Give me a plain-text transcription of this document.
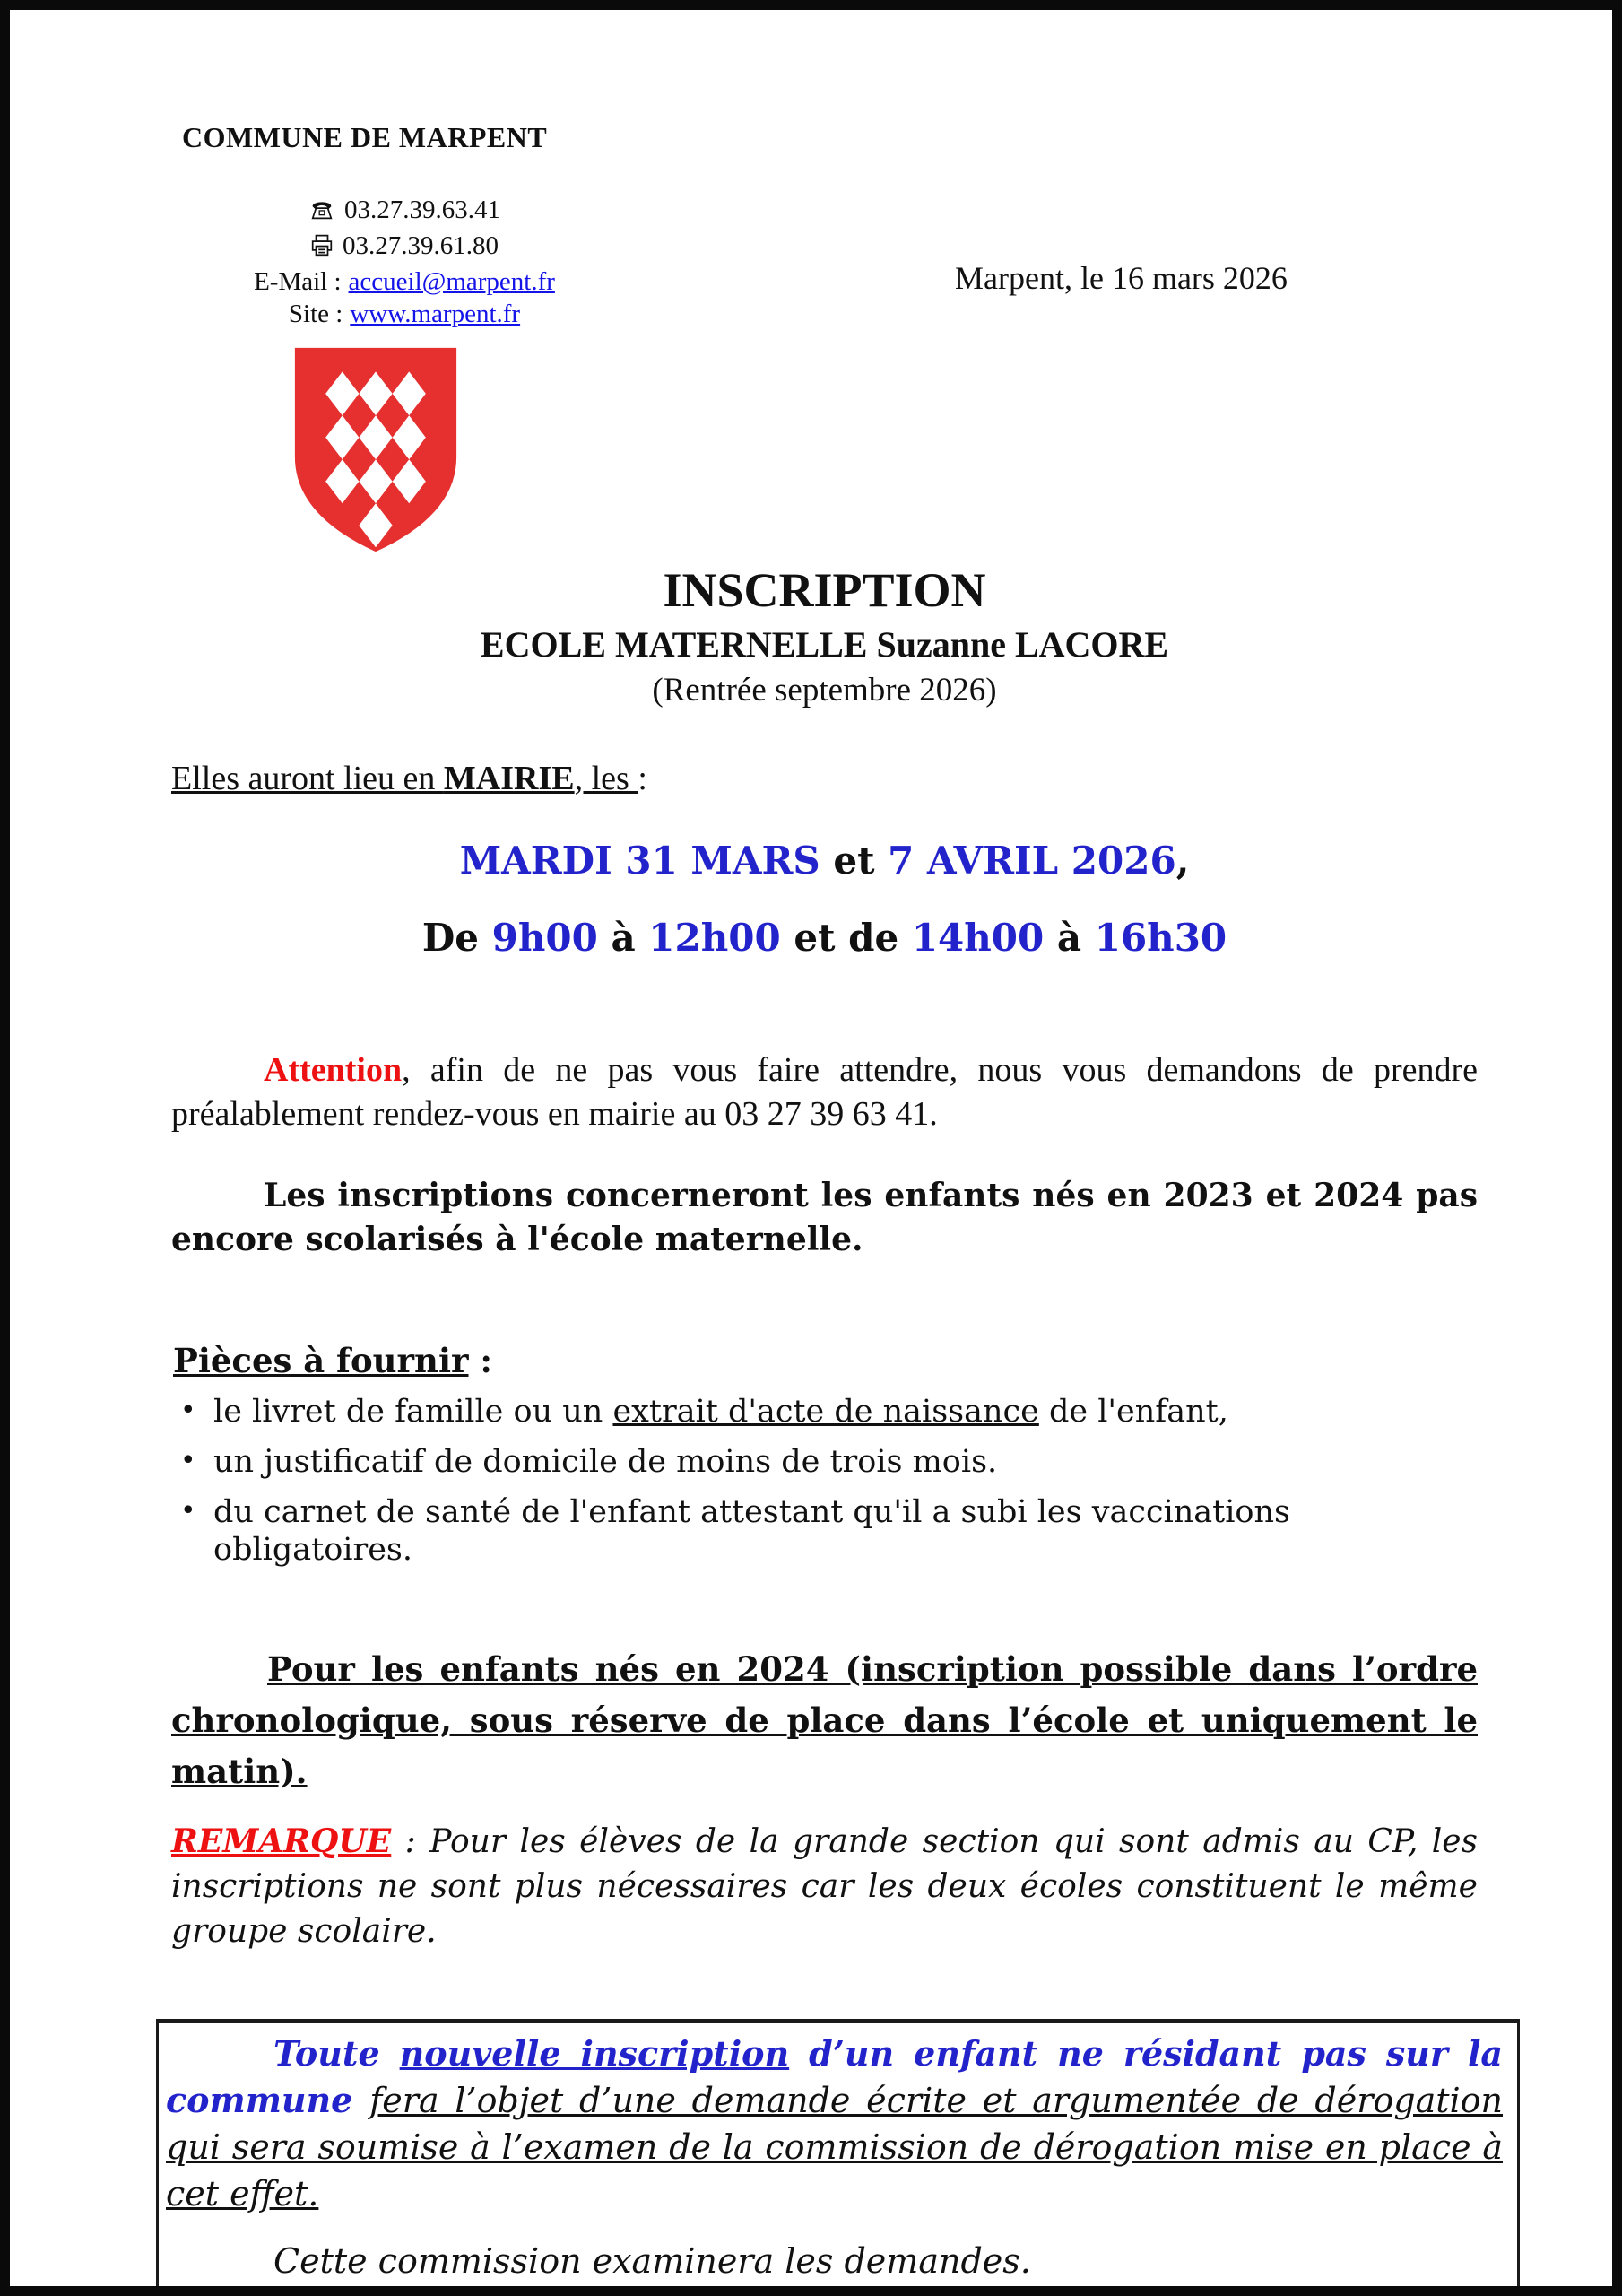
COMMUNE DE MARPENT
03.27.39.63.41
03.27.39.61.80
E-Mail : accueil@marpent.fr
Site : www.marpent.fr
Marpent, le 16 mars 2026
INSCRIPTION
ECOLE MATERNELLE Suzanne LACORE
(Rentrée septembre 2026)
Elles auront lieu en MAIRIE, les :
MARDI 31 MARS et 7 AVRIL 2026,
De 9h00 à 12h00 et de 14h00 à 16h30

Attention, afin de ne pas vous faire attendre, nous vous demandons de prendre préalablement rendez-vous en mairie au 03 27 39 63 41.

Les inscriptions concerneront les enfants nés en 2023 et 2024 pas encore scolarisés à l'école maternelle.

Pièces à fournir :
• le livret de famille ou un extrait d'acte de naissance de l'enfant,
• un justificatif de domicile de moins de trois mois.
• du carnet de santé de l'enfant attestant qu'il a subi les vaccinations obligatoires.

Pour les enfants nés en 2024 (inscription possible dans l’ordre chronologique, sous réserve de place dans l’école et uniquement le matin).

REMARQUE : Pour les élèves de la grande section qui sont admis au CP, les inscriptions ne sont plus nécessaires car les deux écoles constituent le même groupe scolaire.

Toute nouvelle inscription d’un enfant ne résidant pas sur la commune fera l’objet d’une demande écrite et argumentée de dérogation qui sera soumise à l’examen de la commission de dérogation mise en place à cet effet.

Cette commission examinera les demandes.
